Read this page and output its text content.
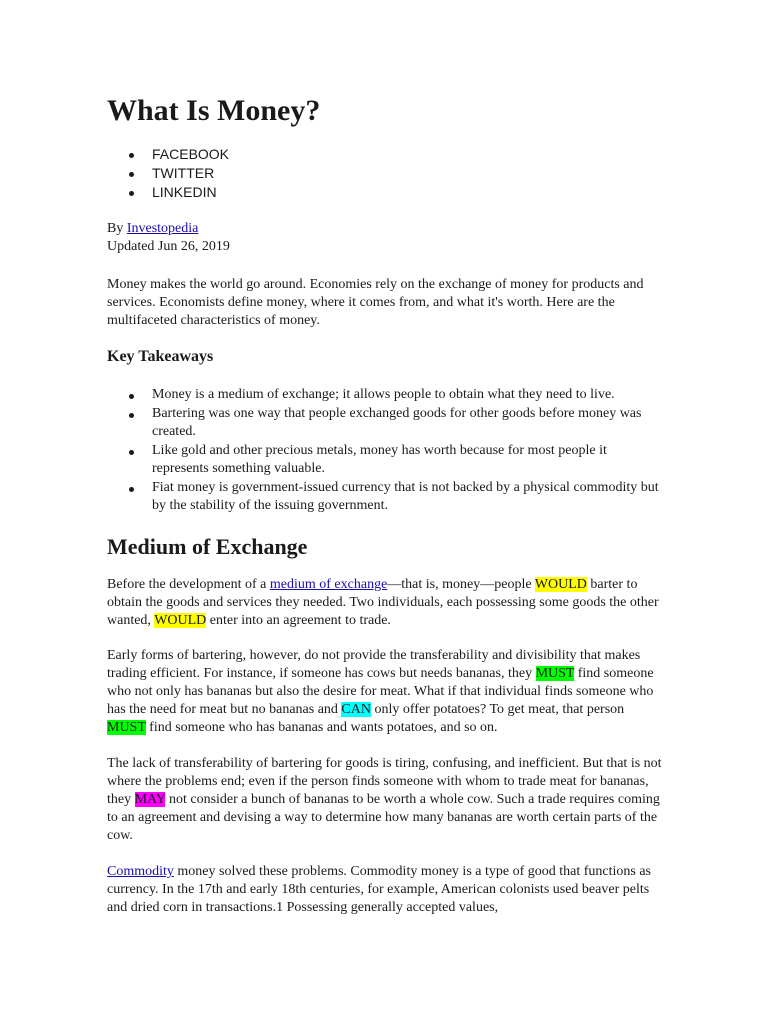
What Is Money?
FACEBOOK
TWITTER
LINKEDIN
By Investopedia
Updated Jun 26, 2019

Money makes the world go around. Economies rely on the exchange of money for products and services. Economists define money, where it comes from, and what it's worth. Here are the multifaceted characteristics of money.

Key Takeaways
Money is a medium of exchange; it allows people to obtain what they need to live.
Bartering was one way that people exchanged goods for other goods before money was created.
Like gold and other precious metals, money has worth because for most people it represents something valuable.
Fiat money is government-issued currency that is not backed by a physical commodity but by the stability of the issuing government.
Medium of Exchange

Before the development of a medium of exchange—that is, money—people WOULD barter to obtain the goods and services they needed. Two individuals, each possessing some goods the other wanted, WOULD enter into an agreement to trade.

Early forms of bartering, however, do not provide the transferability and divisibility that makes trading efficient. For instance, if someone has cows but needs bananas, they MUST find someone who not only has bananas but also the desire for meat. What if that individual finds someone who has the need for meat but no bananas and CAN only offer potatoes? To get meat, that person MUST find someone who has bananas and wants potatoes, and so on.

The lack of transferability of bartering for goods is tiring, confusing, and inefficient. But that is not where the problems end; even if the person finds someone with whom to trade meat for bananas, they MAY not consider a bunch of bananas to be worth a whole cow. Such a trade requires coming to an agreement and devising a way to determine how many bananas are worth certain parts of the cow.

Commodity money solved these problems. Commodity money is a type of good that functions as currency. In the 17th and early 18th centuries, for example, American colonists used beaver pelts and dried corn in transactions.1 Possessing generally accepted values,
